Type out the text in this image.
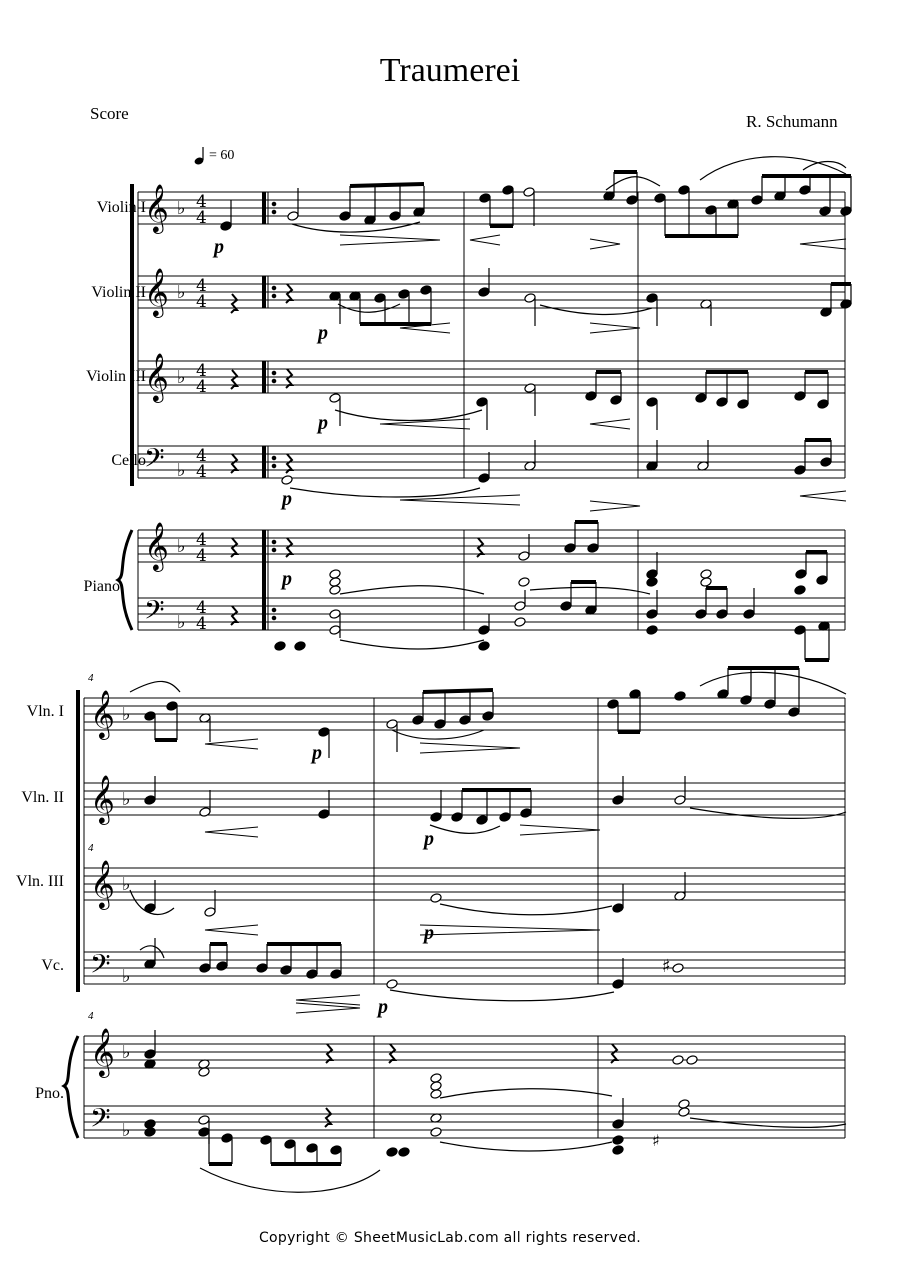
Traumerei
Score	R. Schumann
= 60
Violin I
Violin II
Violin III
Cello
Piano
Vln. I
Vln. II
Vln. III
Vc.
Pno.
4
4
4
p
p
p
p
p
p
p
p
p
𝄞 ♭ 4
4
𝄞 ♭ 4
4
𝄞 ♭ 4
4
𝄞 ♭ 4
4
𝄢 ♭
4
4
𝄢 ♭
4
4
𝄞 ♭
𝄞 ♭
𝄞 ♭
𝄞 ♭
𝄢 ♭
𝄢 ♭
♯
♯
Copyright © SheetMusicLab.com all rights reserved.
